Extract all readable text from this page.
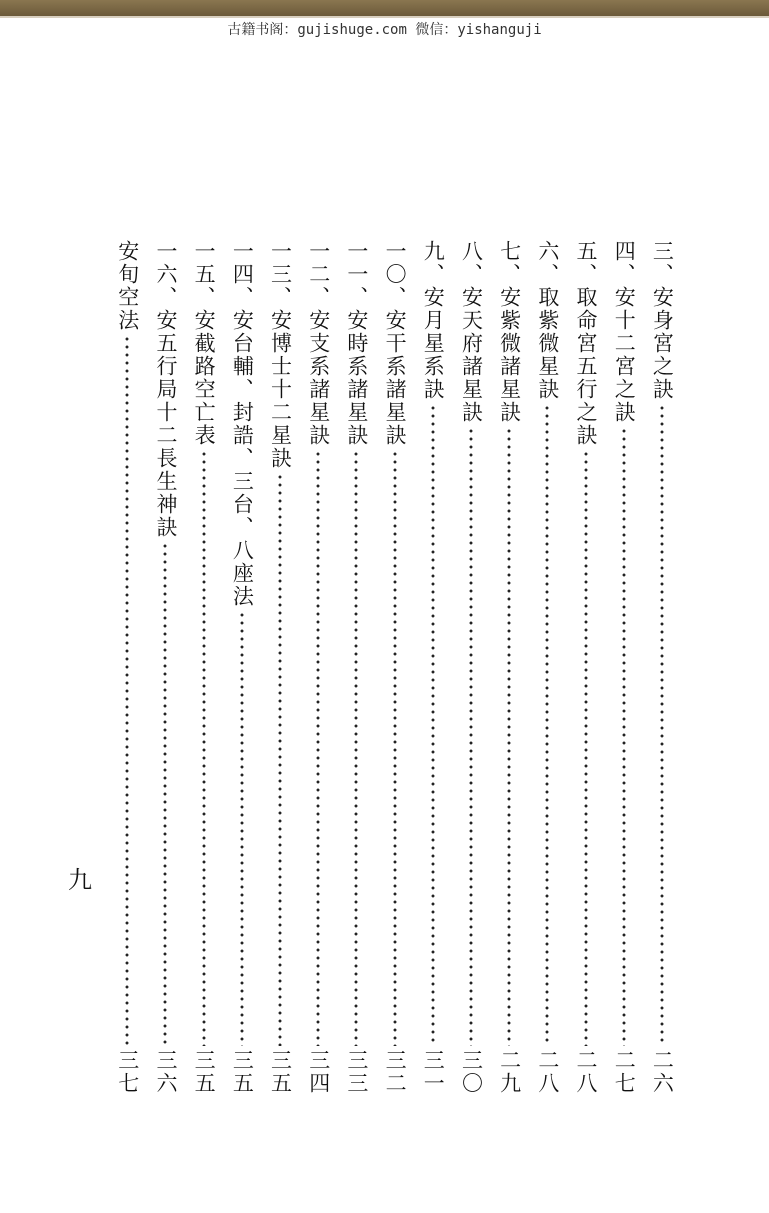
古籍书阁：gujishuge.com 微信：yishanguji
三、安身宮之訣
二六
四、安十二宮之訣
二七
五、取命宮五行之訣
二八
六、取紫微星訣
二八
七、安紫微諸星訣
二九
八、安天府諸星訣
三〇
九、安月星系訣
三一
一〇、安干系諸星訣
三二
一一、安時系諸星訣
三三
一二、安支系諸星訣
三四
一三、安博士十二星訣
三五
一四、安台輔、封誥、三台、八座法
三五
一五、安截路空亡表
三五
一六、安五行局十二長生神訣
三六
安旬空法
三七
九
